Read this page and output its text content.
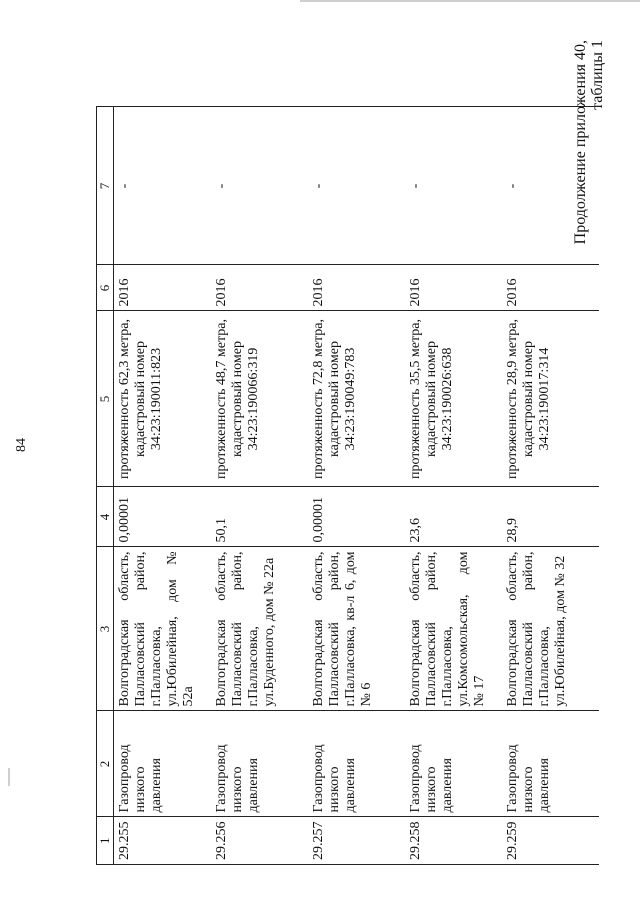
84
Продолжение приложения 40, таблицы 1
1	2	3	4	5	6	7
29.255	Газопровод низкого давления	Волгоградская область, Палласовский район, г.Палласовка, ул.Юбилейная, дом № 52а	0,00001	протяженность 62,3 метра, кадастровый номер 34:23:190011:823	2016	-
29.256	Газопровод низкого давления	Волгоградская область, Палласовский район, г.Палласовка, ул.Буденного, дом № 22а	50,1	протяженность 48,7 метра, кадастровый номер 34:23:190066:319	2016	-
29.257	Газопровод низкого давления	Волгоградская область, Палласовский район, г.Палласовка, кв-л 6, дом № 6	0,00001	протяженность 72,8 метра, кадастровый номер 34:23:190049:783	2016	-
29.258	Газопровод низкого давления	Волгоградская область, Палласовский район, г.Палласовка, ул.Комсомольская, дом № 17	23,6	протяженность 35,5 метра, кадастровый номер 34:23:190026:638	2016	-
29.259	Газопровод низкого давления	Волгоградская область, Палласовский район, г.Палласовка, ул.Юбилейная, дом № 32	28,9	протяженность 28,9 метра, кадастровый номер 34:23:190017:314	2016	-
